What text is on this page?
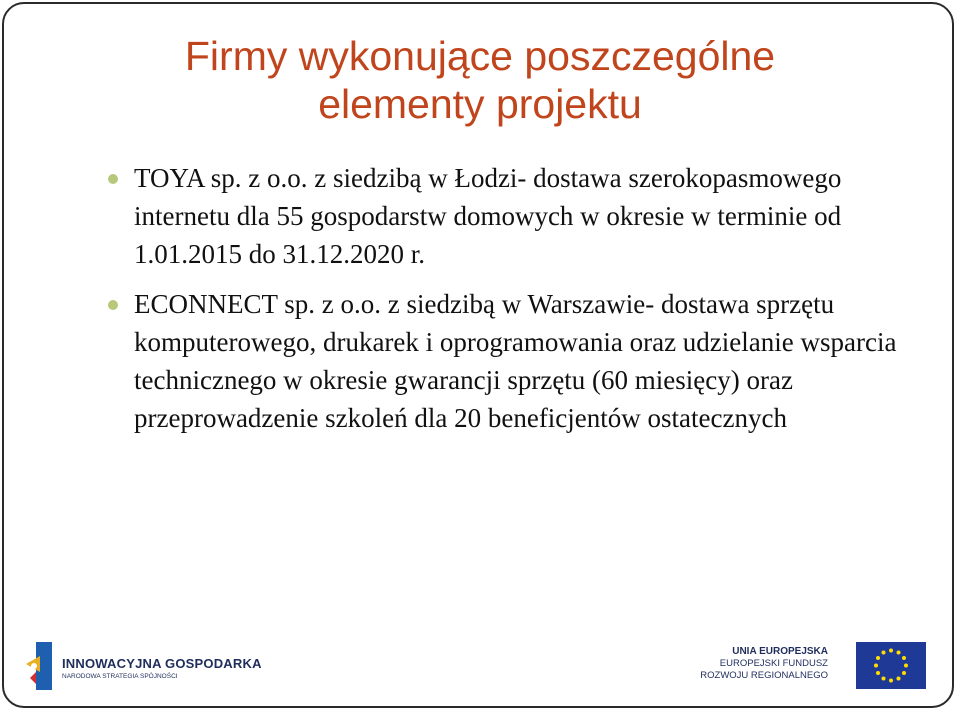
Firmy wykonujące poszczególne
elementy projektu
TOYA sp. z o.o. z siedzibą w Łodzi- dostawa szerokopasmowego internetu dla 55 gospodarstw domowych w okresie w terminie od 1.01.2015 do 31.12.2020 r.
ECONNECT sp. z o.o. z siedzibą w Warszawie- dostawa sprzętu komputerowego, drukarek i oprogramowania oraz udzielanie wsparcia technicznego w okresie gwarancji sprzętu (60 miesięcy) oraz przeprowadzenie szkoleń dla 20 beneficjentów ostatecznych
INNOWACYJNA GOSPODARKA
NARODOWA STRATEGIA SPÓJNOŚCI
UNIA EUROPEJSKA
EUROPEJSKI FUNDUSZ
ROZWOJU REGIONALNEGO
